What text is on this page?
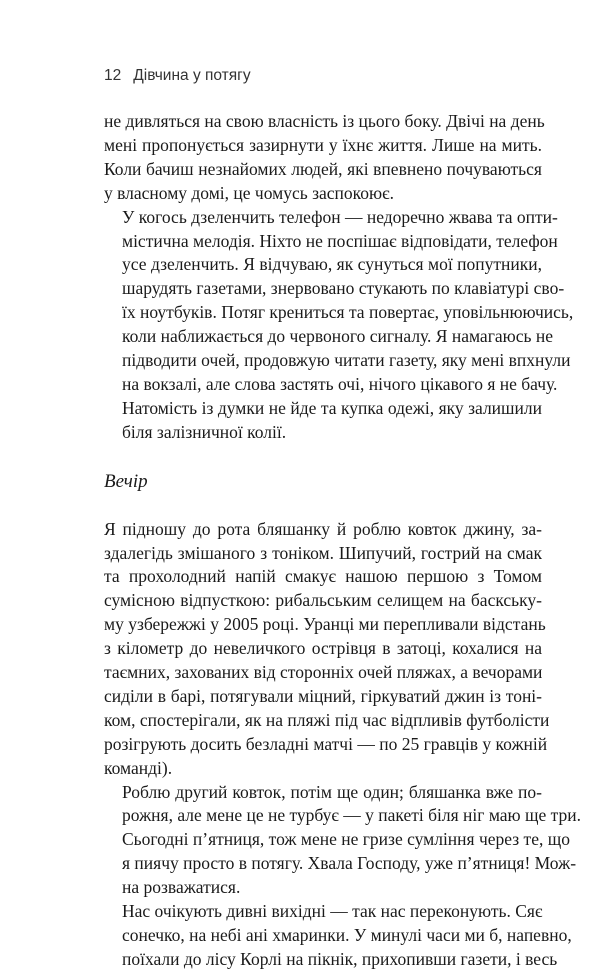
12 Дівчина у потягу

не дивляться на свою власність із цього боку. Двічі на день
мені пропонується зазирнути у їхнє життя. Лише на мить.
Коли бачиш незнайомих людей, які впевнено почуваються
у власному домі, це чомусь заспокоює.

У когось дзеленчить телефон — недоречно жвава та опти-
містична мелодія. Ніхто не поспішає відповідати, телефон
усе дзеленчить. Я відчуваю, як сунуться мої попутники,
шарудять газетами, знервовано стукають по клавіатурі сво-
їх ноутбуків. Потяг крениться та повертає, уповільнюючись,
коли наближається до червоного сигналу. Я намагаюсь не
підводити очей, продовжую читати газету, яку мені впхнули
на вокзалі, але слова застять очі, нічого цікавого я не бачу.
Натомість із думки не йде та купка одежі, яку залишили
біля залізничної колії.

Вечір

Я підношу до рота бляшанку й роблю ковток джину, за-
здалегідь змішаного з тоніком. Шипучий, гострий на смак
та прохолодний напій смакує нашою першою з Томом
сумісною відпусткою: рибальським селищем на баскську-
му узбережжі у 2005 році. Уранці ми перепливали відстань
з кілометр до невеличкого острівця в затоці, кохалися на
таємних, захованих від сторонніх очей пляжах, а вечорами
сиділи в барі, потягували міцний, гіркуватий джин із тоні-
ком, спостерігали, як на пляжі під час відпливів футболісти
розігрують досить безладні матчі — по 25 гравців у кожній
команді).

Роблю другий ковток, потім ще один; бляшанка вже по-
рожня, але мене це не турбує — у пакеті біля ніг маю ще три.
Сьогодні п’ятниця, тож мене не гризе сумління через те, що
я пиячу просто в потягу. Хвала Господу, уже п’ятниця! Мож-
на розважатися.

Нас очікують дивні вихідні — так нас переконують. Сяє
сонечко, на небі ані хмаринки. У минулі часи ми б, напевно,
поїхали до лісу Корлі на пікнік, прихопивши газети, і весь
